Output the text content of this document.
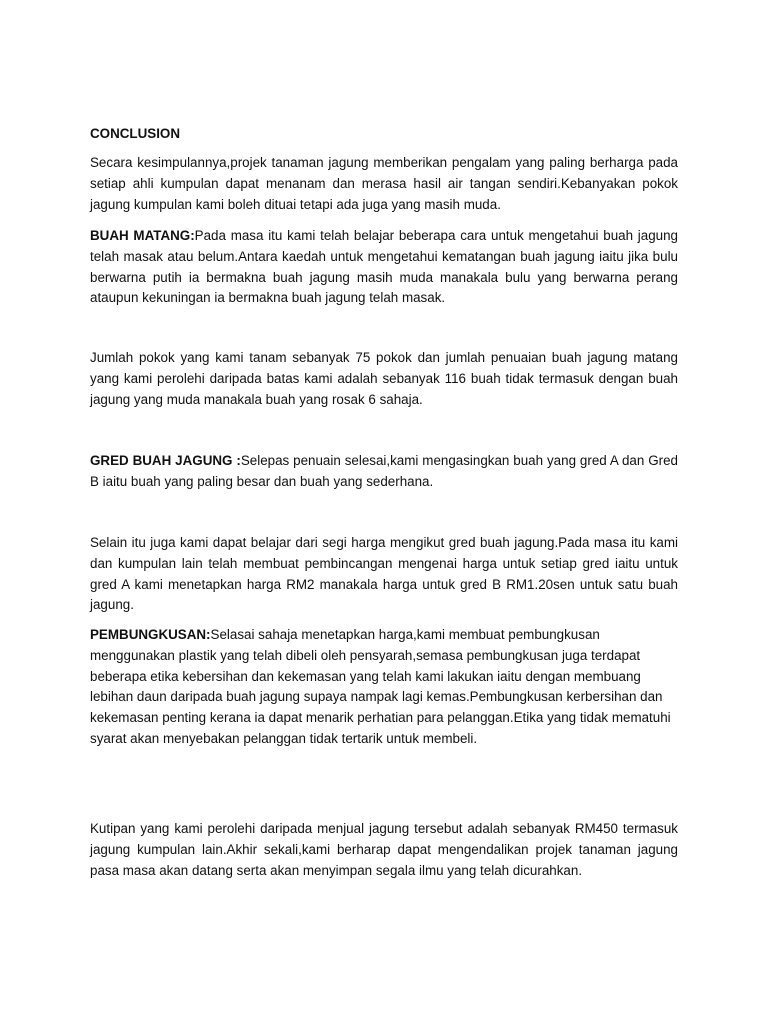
CONCLUSION

Secara kesimpulannya,projek tanaman jagung memberikan pengalam yang paling berharga pada setiap ahli kumpulan dapat menanam dan merasa hasil air tangan sendiri.Kebanyakan pokok jagung kumpulan kami boleh dituai tetapi ada juga yang masih muda.

BUAH MATANG:Pada masa itu kami telah belajar beberapa cara untuk mengetahui buah jagung telah masak atau belum.Antara kaedah untuk mengetahui kematangan buah jagung iaitu jika bulu berwarna putih ia bermakna buah jagung masih muda manakala bulu yang berwarna perang ataupun kekuningan ia bermakna buah jagung telah masak.

Jumlah pokok yang kami tanam sebanyak 75 pokok dan jumlah penuaian buah jagung matang yang kami perolehi daripada batas kami adalah sebanyak 116 buah tidak termasuk dengan buah jagung yang muda manakala buah yang rosak 6 sahaja.

GRED BUAH JAGUNG :Selepas penuain selesai,kami mengasingkan buah yang gred A dan Gred B iaitu buah yang paling besar dan buah yang sederhana.

Selain itu juga kami dapat belajar dari segi harga mengikut gred buah jagung.Pada masa itu kami dan kumpulan lain telah membuat pembincangan mengenai harga untuk setiap gred iaitu untuk gred A kami menetapkan harga RM2 manakala harga untuk gred B RM1.20sen untuk satu buah jagung.

PEMBUNGKUSAN:Selasai sahaja menetapkan harga,kami membuat pembungkusan menggunakan plastik yang telah dibeli oleh pensyarah,semasa pembungkusan juga terdapat beberapa etika kebersihan dan kekemasan yang telah kami lakukan iaitu dengan membuang lebihan daun daripada buah jagung supaya nampak lagi kemas.Pembungkusan kerbersihan dan kekemasan penting kerana ia dapat menarik perhatian para pelanggan.Etika yang tidak mematuhi syarat akan menyebakan pelanggan tidak tertarik untuk membeli.

Kutipan yang kami perolehi daripada menjual jagung tersebut adalah sebanyak RM450 termasuk jagung kumpulan lain.Akhir sekali,kami berharap dapat mengendalikan projek tanaman jagung pasa masa akan datang serta akan menyimpan segala ilmu yang telah dicurahkan.
